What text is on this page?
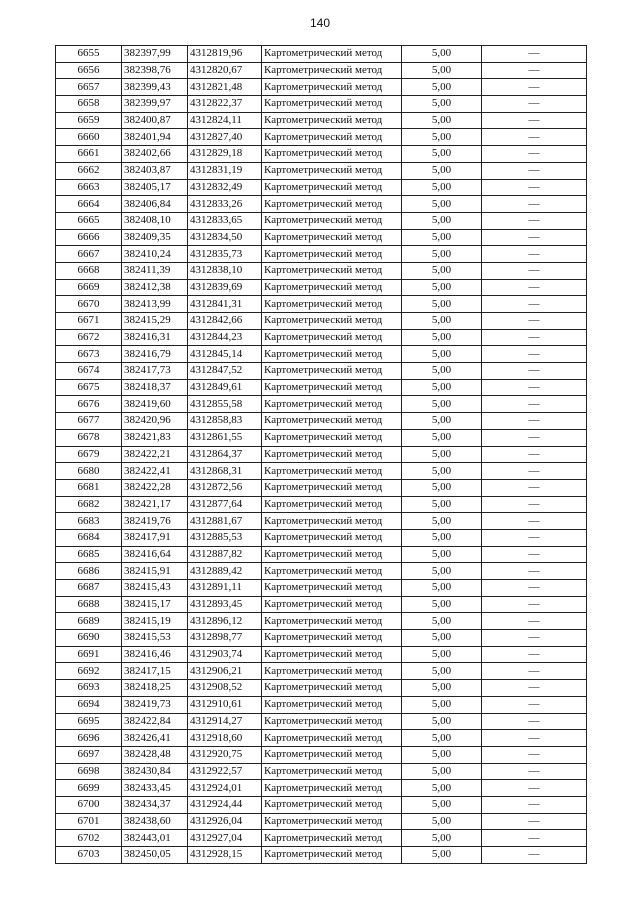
140
6655	382397,99	4312819,96	Картометрический метод	5,00	—
6656	382398,76	4312820,67	Картометрический метод	5,00	—
6657	382399,43	4312821,48	Картометрический метод	5,00	—
6658	382399,97	4312822,37	Картометрический метод	5,00	—
6659	382400,87	4312824,11	Картометрический метод	5,00	—
6660	382401,94	4312827,40	Картометрический метод	5,00	—
6661	382402,66	4312829,18	Картометрический метод	5,00	—
6662	382403,87	4312831,19	Картометрический метод	5,00	—
6663	382405,17	4312832,49	Картометрический метод	5,00	—
6664	382406,84	4312833,26	Картометрический метод	5,00	—
6665	382408,10	4312833,65	Картометрический метод	5,00	—
6666	382409,35	4312834,50	Картометрический метод	5,00	—
6667	382410,24	4312835,73	Картометрический метод	5,00	—
6668	382411,39	4312838,10	Картометрический метод	5,00	—
6669	382412,38	4312839,69	Картометрический метод	5,00	—
6670	382413,99	4312841,31	Картометрический метод	5,00	—
6671	382415,29	4312842,66	Картометрический метод	5,00	—
6672	382416,31	4312844,23	Картометрический метод	5,00	—
6673	382416,79	4312845,14	Картометрический метод	5,00	—
6674	382417,73	4312847,52	Картометрический метод	5,00	—
6675	382418,37	4312849,61	Картометрический метод	5,00	—
6676	382419,60	4312855,58	Картометрический метод	5,00	—
6677	382420,96	4312858,83	Картометрический метод	5,00	—
6678	382421,83	4312861,55	Картометрический метод	5,00	—
6679	382422,21	4312864,37	Картометрический метод	5,00	—
6680	382422,41	4312868,31	Картометрический метод	5,00	—
6681	382422,28	4312872,56	Картометрический метод	5,00	—
6682	382421,17	4312877,64	Картометрический метод	5,00	—
6683	382419,76	4312881,67	Картометрический метод	5,00	—
6684	382417,91	4312885,53	Картометрический метод	5,00	—
6685	382416,64	4312887,82	Картометрический метод	5,00	—
6686	382415,91	4312889,42	Картометрический метод	5,00	—
6687	382415,43	4312891,11	Картометрический метод	5,00	—
6688	382415,17	4312893,45	Картометрический метод	5,00	—
6689	382415,19	4312896,12	Картометрический метод	5,00	—
6690	382415,53	4312898,77	Картометрический метод	5,00	—
6691	382416,46	4312903,74	Картометрический метод	5,00	—
6692	382417,15	4312906,21	Картометрический метод	5,00	—
6693	382418,25	4312908,52	Картометрический метод	5,00	—
6694	382419,73	4312910,61	Картометрический метод	5,00	—
6695	382422,84	4312914,27	Картометрический метод	5,00	—
6696	382426,41	4312918,60	Картометрический метод	5,00	—
6697	382428,48	4312920,75	Картометрический метод	5,00	—
6698	382430,84	4312922,57	Картометрический метод	5,00	—
6699	382433,45	4312924,01	Картометрический метод	5,00	—
6700	382434,37	4312924,44	Картометрический метод	5,00	—
6701	382438,60	4312926,04	Картометрический метод	5,00	—
6702	382443,01	4312927,04	Картометрический метод	5,00	—
6703	382450,05	4312928,15	Картометрический метод	5,00	—
